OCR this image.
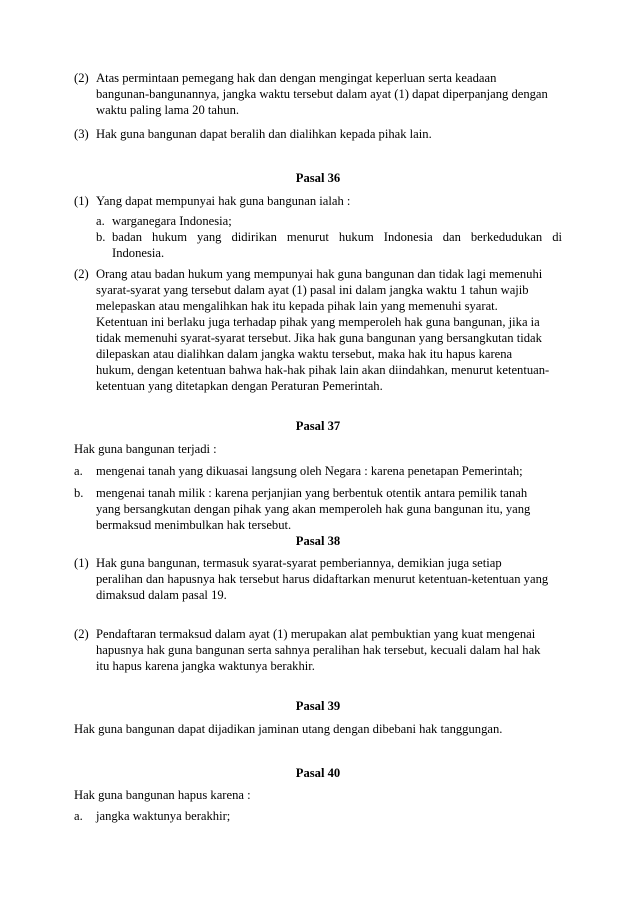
(2) Atas permintaan pemegang hak dan dengan mengingat keperluan serta keadaan
bangunan-bangunannya, jangka waktu tersebut dalam ayat (1) dapat diperpanjang dengan
waktu paling lama 20 tahun.
(3) Hak guna bangunan dapat beralih dan dialihkan kepada pihak lain.
Pasal 36
(1) Yang dapat mempunyai hak guna bangunan ialah :
a. warganegara Indonesia;
b. badan hukum yang didirikan menurut hukum Indonesia dan berkedudukan di
Indonesia.
(2) Orang atau badan hukum yang mempunyai hak guna bangunan dan tidak lagi memenuhi
syarat-syarat yang tersebut dalam ayat (1) pasal ini dalam jangka waktu 1 tahun wajib
melepaskan atau mengalihkan hak itu kepada pihak lain yang memenuhi syarat.
Ketentuan ini berlaku juga terhadap pihak yang memperoleh hak guna bangunan, jika ia
tidak memenuhi syarat-syarat tersebut. Jika hak guna bangunan yang bersangkutan tidak
dilepaskan atau dialihkan dalam jangka waktu tersebut, maka hak itu hapus karena
hukum, dengan ketentuan bahwa hak-hak pihak lain akan diindahkan, menurut ketentuan-
ketentuan yang ditetapkan dengan Peraturan Pemerintah.
Pasal 37
Hak guna bangunan terjadi :
a.	mengenai tanah yang dikuasai langsung oleh Negara : karena penetapan Pemerintah;
b. mengenai tanah milik : karena perjanjian yang berbentuk otentik antara pemilik tanah
yang bersangkutan dengan pihak yang akan memperoleh hak guna bangunan itu, yang
bermaksud menimbulkan hak tersebut.
Pasal 38
(1) Hak guna bangunan, termasuk syarat-syarat pemberiannya, demikian juga setiap
peralihan dan hapusnya hak tersebut harus didaftarkan menurut ketentuan-ketentuan yang
dimaksud dalam pasal 19.
(2) Pendaftaran termaksud dalam ayat (1) merupakan alat pembuktian yang kuat mengenai
hapusnya hak guna bangunan serta sahnya peralihan hak tersebut, kecuali dalam hal hak
itu hapus karena jangka waktunya berakhir.
Pasal 39
Hak guna bangunan dapat dijadikan jaminan utang dengan dibebani hak tanggungan.
Pasal 40
Hak guna bangunan hapus karena :
a.	jangka waktunya berakhir;
